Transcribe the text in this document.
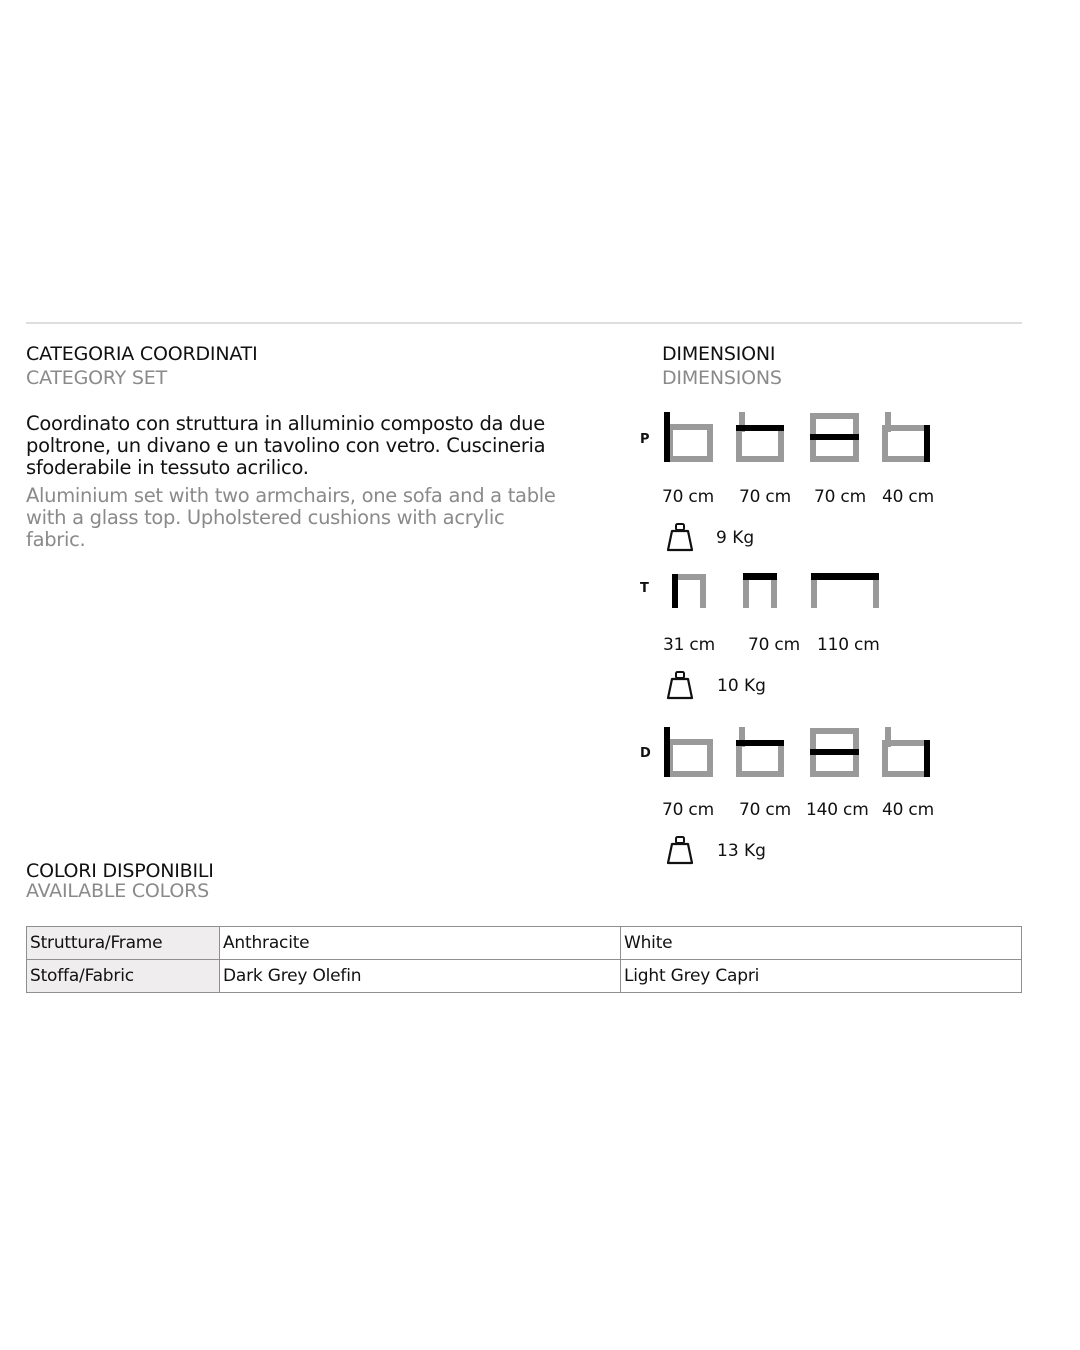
CATEGORIA COORDINATI
CATEGORY SET

Coordinato con struttura in alluminio composto da due poltrone, un divano e un tavolino con vetro. Cuscineria sfoderabile in tessuto acrilico.

Aluminium set with two armchairs, one sofa and a table with a glass top. Upholstered cushions with acrylic fabric.

DIMENSIONI
DIMENSIONS
P
70 cm 70 cm 70 cm 40 cm
9 Kg
T
31 cm 70 cm 110 cm
10 Kg
D
70 cm 70 cm 140 cm 40 cm
13 Kg
COLORI DISPONIBILI
AVAILABLE COLORS
Struttura/Frame	Anthracite	White
Stoffa/Fabric	Dark Grey Olefin	Light Grey Capri
